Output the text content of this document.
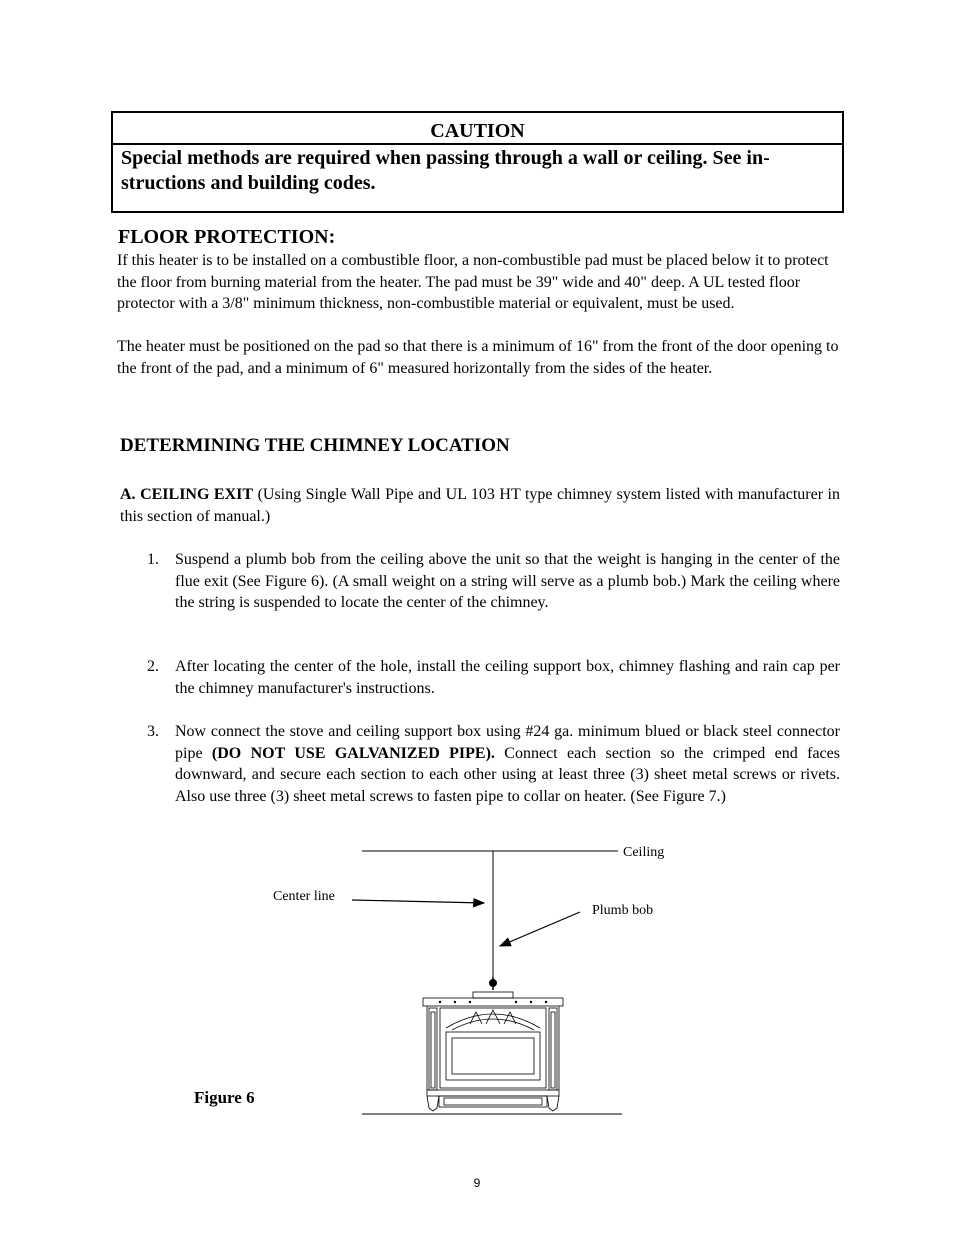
CAUTION
Special methods are required when passing through a wall or ceiling. See in-structions and building codes.
FLOOR PROTECTION:
If this heater is to be installed on a combustible floor, a non-combustible pad must be placed below it to protect the floor from burning material from the heater. The pad must be 39" wide and 40" deep. A UL tested floor protector with a 3/8" minimum thickness, non-combustible material or equivalent, must be used.
The heater must be positioned on the pad so that there is a minimum of 16" from the front of the door opening to the front of the pad, and a minimum of 6" measured horizontally from the sides of the heater.
DETERMINING THE CHIMNEY LOCATION
A. CEILING EXIT (Using Single Wall Pipe and UL 103 HT type chimney system listed with manufacturer in this section of manual.)
1. Suspend a plumb bob from the ceiling above the unit so that the weight is hanging in the center of the flue exit (See Figure 6). (A small weight on a string will serve as a plumb bob.) Mark the ceiling where the string is suspended to locate the center of the chimney.
2. After locating the center of the hole, install the ceiling support box, chimney flashing and rain cap per the chimney manufacturer's instructions.
3. Now connect the stove and ceiling support box using #24 ga. minimum blued or black steel connector pipe (DO NOT USE GALVANIZED PIPE). Connect each section so the crimped end faces downward, and secure each section to each other using at least three (3) sheet metal screws or rivets. Also use three (3) sheet metal screws to fasten pipe to collar on heater. (See Figure 7.)
Ceiling
Center line
Plumb bob
Figure 6
9
